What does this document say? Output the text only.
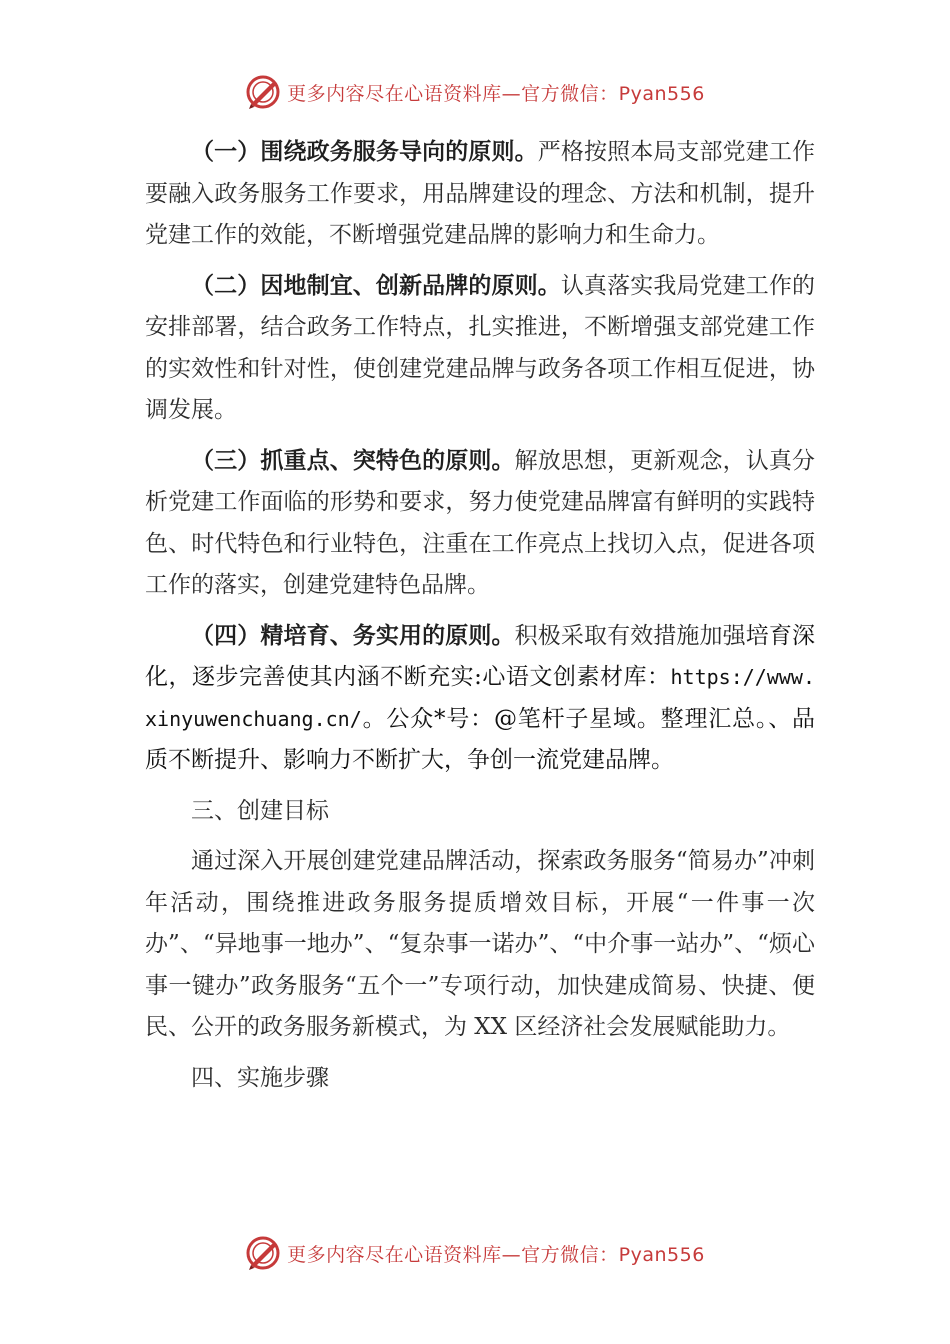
更多内容尽在心语资料库—官方微信：Pyan556

（一）围绕政务服务导向的原则。严格按照本局支部党建工作要融入政务服务工作要求，用品牌建设的理念、方法和机制，提升党建工作的效能，不断增强党建品牌的影响力和生命力。

（二）因地制宜、创新品牌的原则。认真落实我局党建工作的安排部署，结合政务工作特点，扎实推进，不断增强支部党建工作的实效性和针对性，使创建党建品牌与政务各项工作相互促进，协调发展。

（三）抓重点、突特色的原则。解放思想，更新观念，认真分析党建工作面临的形势和要求，努力使党建品牌富有鲜明的实践特色、时代特色和行业特色，注重在工作亮点上找切入点，促进各项工作的落实，创建党建特色品牌。

（四）精培育、务实用的原则。积极采取有效措施加强培育深化，逐步完善使其内涵不断充实:心语文创素材库：https://www.xinyuwenchuang.cn/。公众*号：@笔杆子星域。整理汇总。、品质不断提升、影响力不断扩大，争创一流党建品牌。

三、创建目标

通过深入开展创建党建品牌活动，探索政务服务“简易办”冲刺年活动，围绕推进政务服务提质增效目标，开展“一件事一次办”、“异地事一地办”、“复杂事一诺办”、“中介事一站办”、“烦心事一键办”政务服务“五个一”专项行动，加快建成简易、快捷、便民、公开的政务服务新模式，为 XX 区经济社会发展赋能助力。

四、实施步骤

更多内容尽在心语资料库—官方微信：Pyan556
